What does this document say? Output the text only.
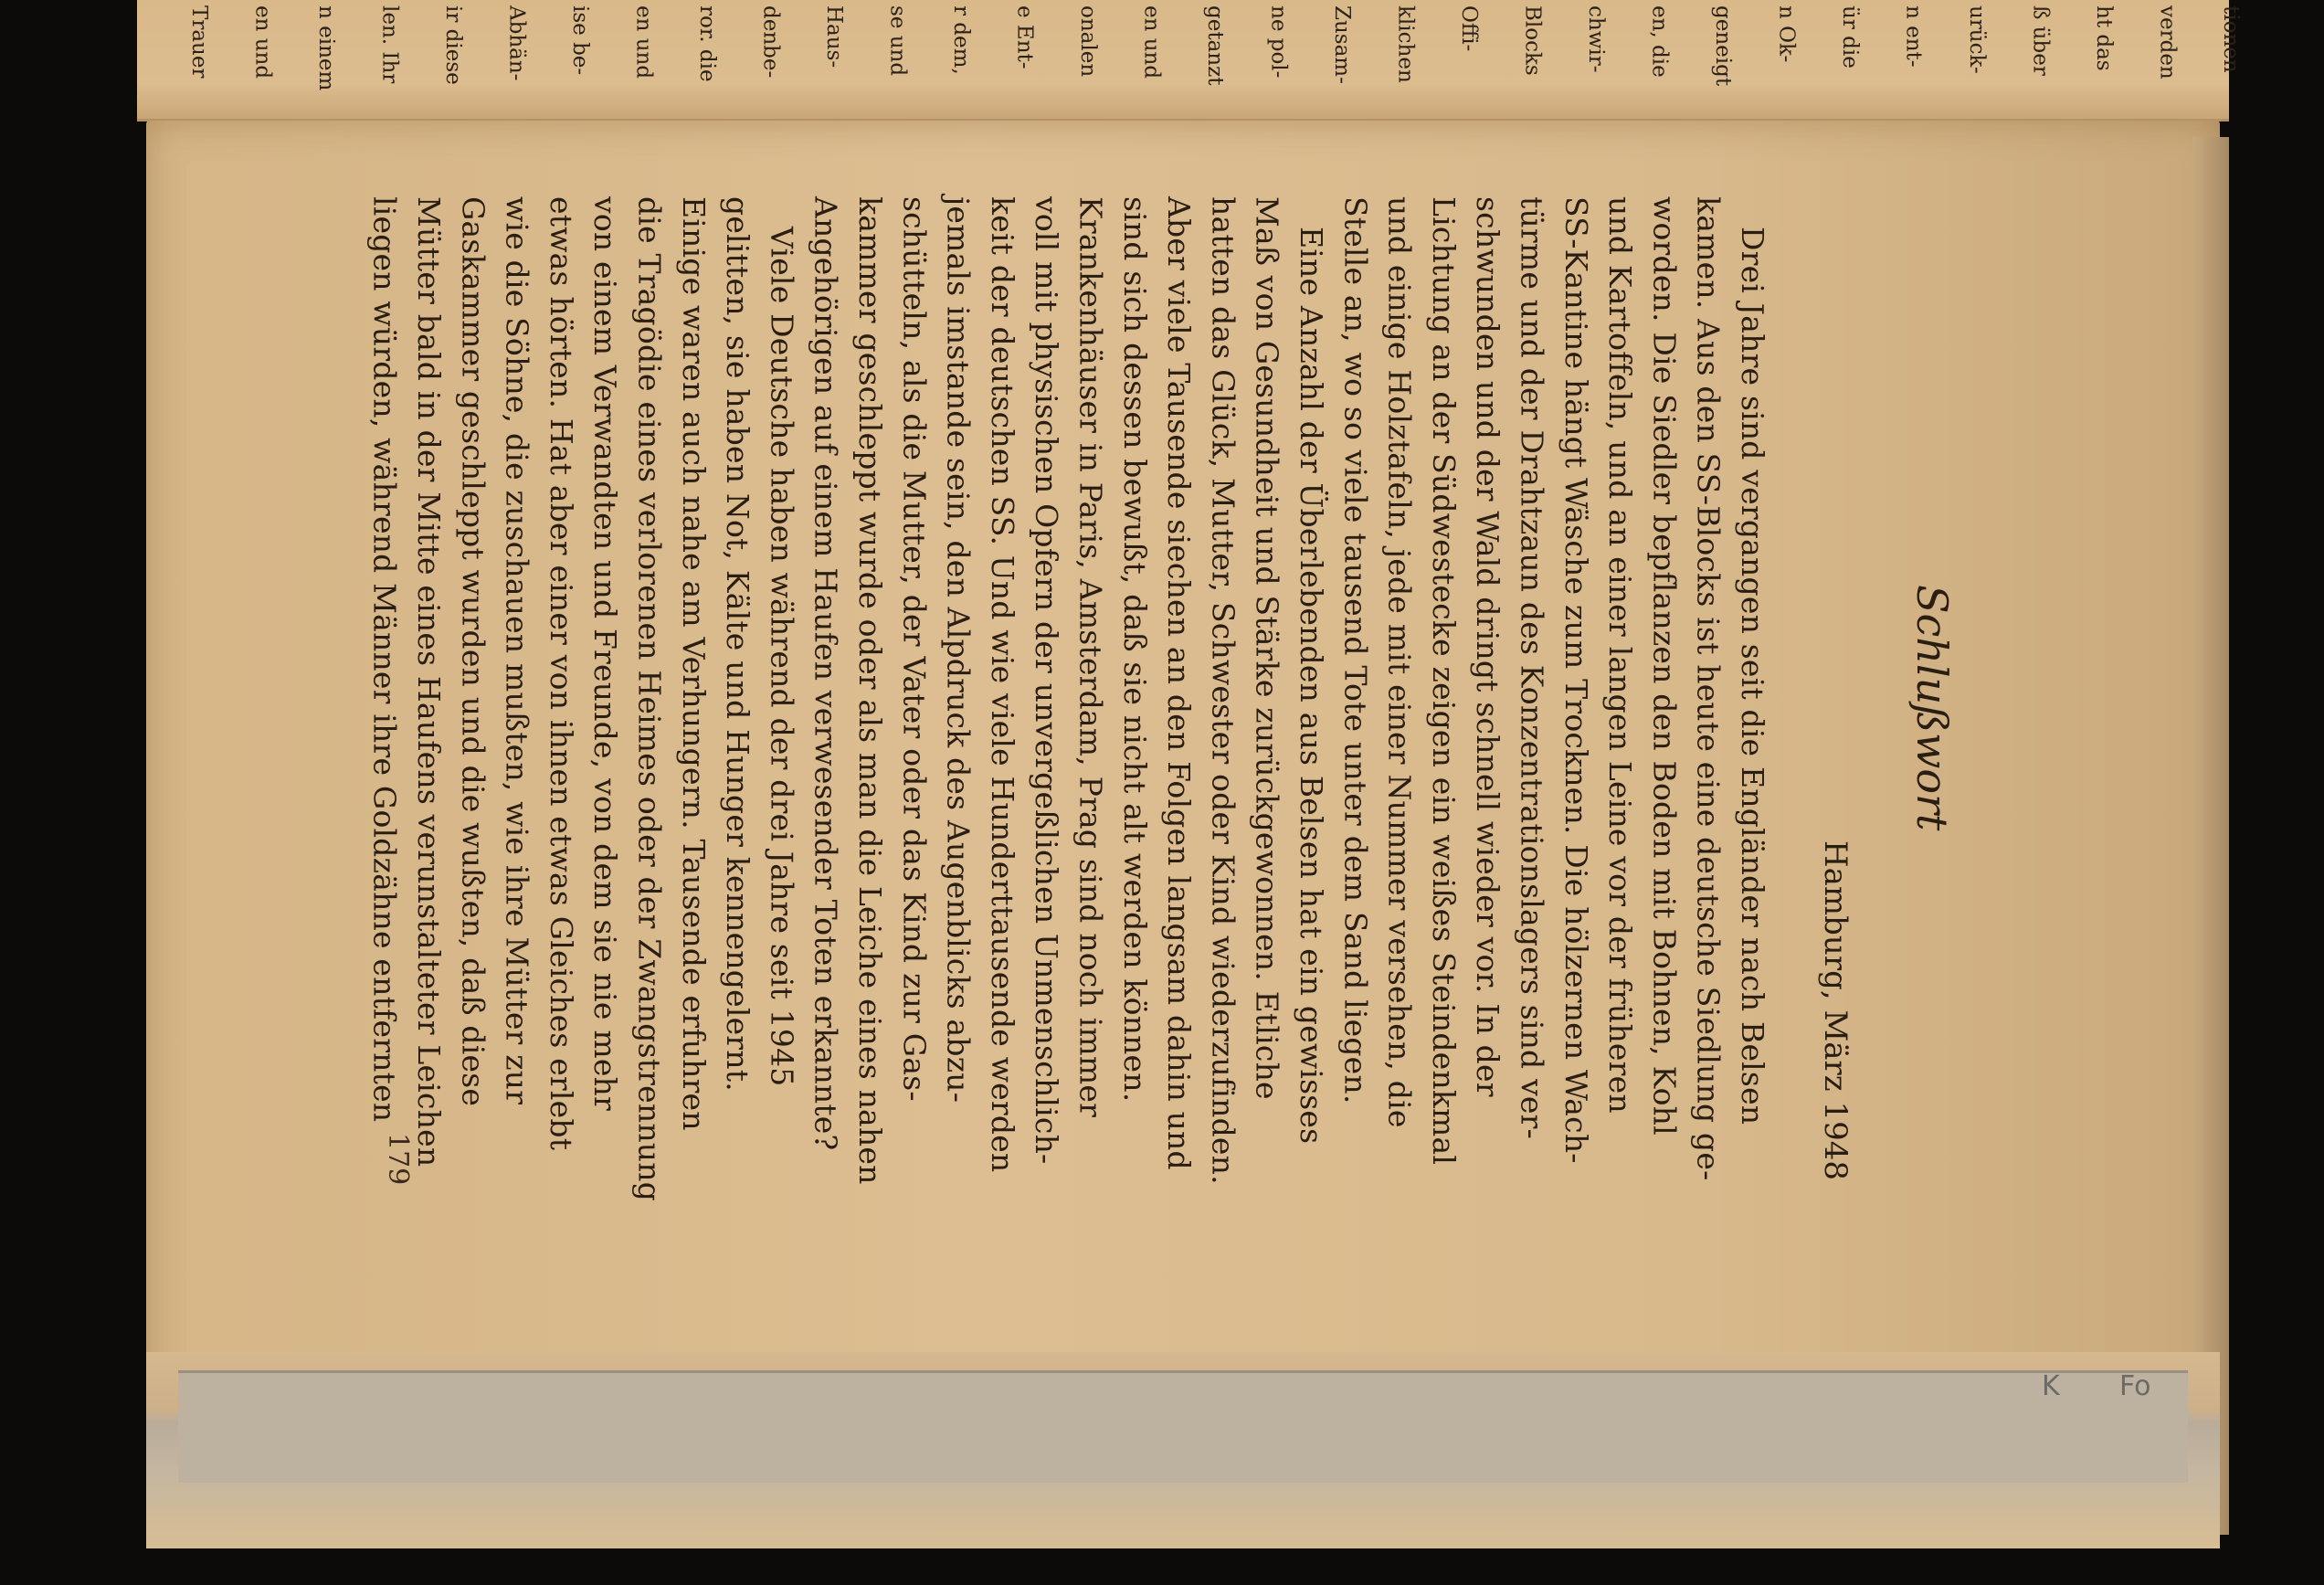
tionen
verden
ht das
ß über
urück-
n ent-
ür die
n Ok-
geneigt
en, die
chwir-
Blocks
Offi-
klichen
Zusam-
ne pol-
getanzt
en und
onalen
e Ent-
r dem,
se und
Haus-
denbe-
ror. die
en und
ise be-
Abhän-
ir diese
len. Ihr
n einem
en und
Trauer
Schlußwort
Hamburg, März 1948
Drei Jahre sind vergangen seit die Engländer nach Belsen
kamen. Aus den SS-Blocks ist heute eine deutsche Siedlung ge-
worden. Die Siedler bepflanzen den Boden mit Bohnen, Kohl
und Kartoffeln, und an einer langen Leine vor der früheren
SS-Kantine hängt Wäsche zum Trocknen. Die hölzernen Wach-
türme und der Drahtzaun des Konzentrationslagers sind ver-
schwunden und der Wald dringt schnell wieder vor. In der
Lichtung an der Südwestecke zeigen ein weißes Steindenkmal
und einige Holztafeln, jede mit einer Nummer versehen, die
Stelle an, wo so viele tausend Tote unter dem Sand liegen.
Eine Anzahl der Überlebenden aus Belsen hat ein gewisses
Maß von Gesundheit und Stärke zurückgewonnen. Etliche
hatten das Glück, Mutter, Schwester oder Kind wiederzufinden.
Aber viele Tausende siechen an den Folgen langsam dahin und
sind sich dessen bewußt, daß sie nicht alt werden können.
Krankenhäuser in Paris, Amsterdam, Prag sind noch immer
voll mit physischen Opfern der unvergeßlichen Unmenschlich-
keit der deutschen SS. Und wie viele Hunderttausende werden
jemals imstande sein, den Alpdruck des Augenblicks abzu-
schütteln, als die Mutter, der Vater oder das Kind zur Gas-
kammer geschleppt wurde oder als man die Leiche eines nahen
Angehörigen auf einem Haufen verwesender Toten erkannte?
Viele Deutsche haben während der drei Jahre seit 1945
gelitten, sie haben Not, Kälte und Hunger kennengelernt.
Einige waren auch nahe am Verhungern. Tausende erfuhren
die Tragödie eines verlorenen Heimes oder der Zwangstrennung
von einem Verwandten und Freunde, von dem sie nie mehr
etwas hörten. Hat aber einer von ihnen etwas Gleiches erlebt
wie die Söhne, die zuschauen mußten, wie ihre Mütter zur
Gaskammer geschleppt wurden und die wußten, daß diese
Mütter bald in der Mitte eines Haufens verunstalteter Leichen
liegen würden, während Männer ihre Goldzähne entfernten
179
K Fo
